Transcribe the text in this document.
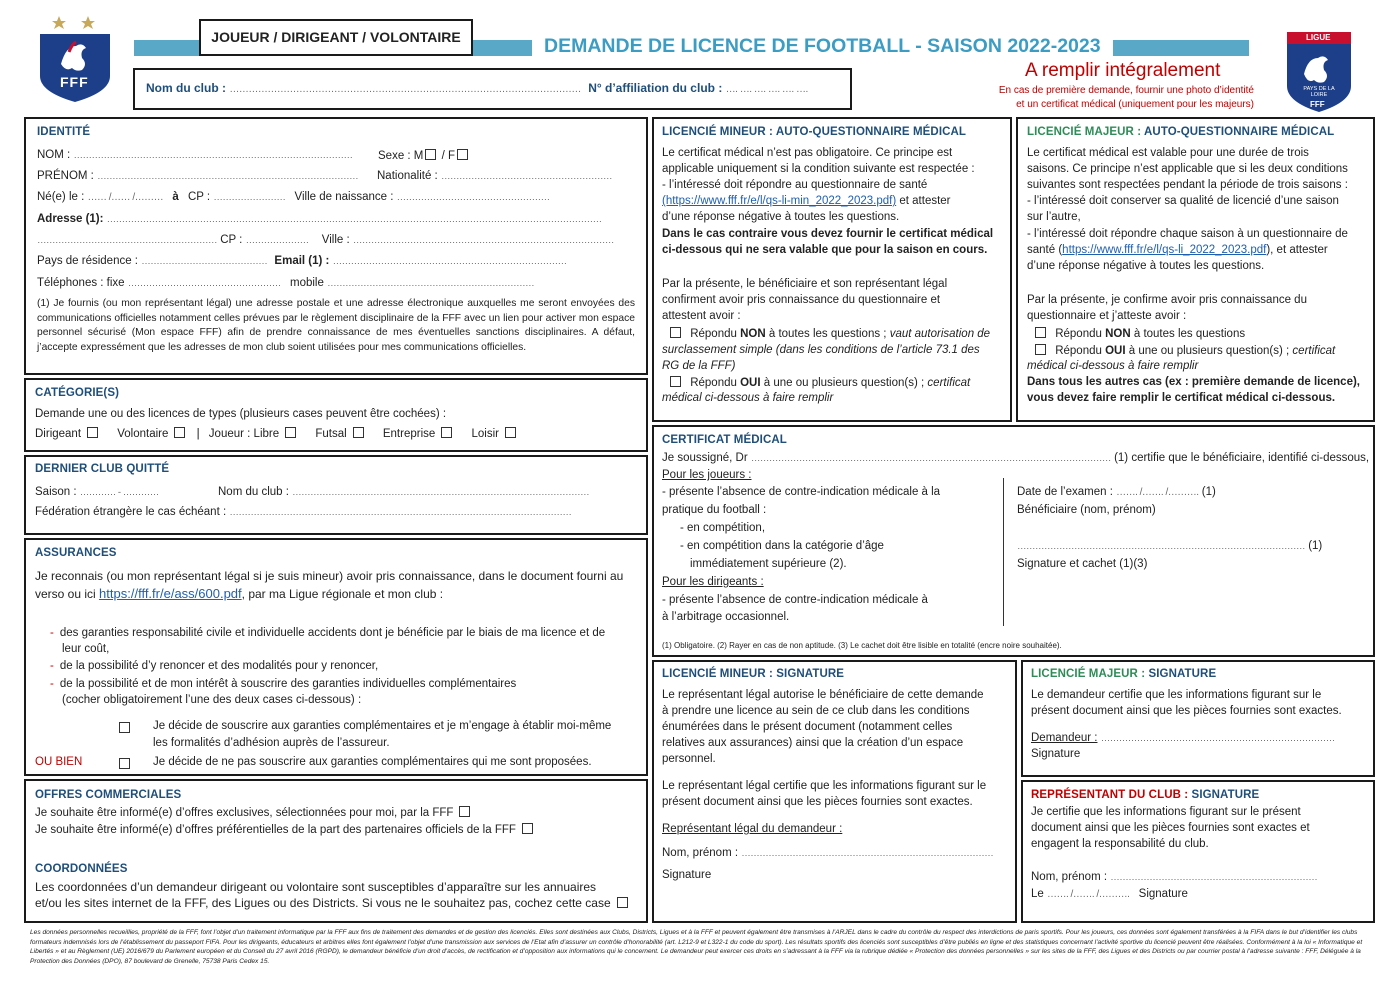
FFF
JOUEUR / DIRIGEANT / VOLONTAIRE	DEMANDE DE LICENCE DE FOOTBALL - SAISON 2022-2023
Nom du club : ………………………………………………………………………………………………… N° d’affiliation du club : …. …. …. …. …. ….
A remplir intégralement
En cas de première demande, fournir une photo d’identité
et un certificat médical (uniquement pour les majeurs)
LIGUE
PAYS DE LA LOIRE
FFF
IDENTITÉ
NOM : ………………………………………………………………………………… Sexe : M / F
PRÉNOM : …………………………………………………………………………… Nationalité : …………………………………………………
Né(e) le : …… /…… /……… à CP : …………………… Ville de naissance : ……………………………………………
Adresse (1): …………………………………………………………………………………………………………………………………………………
…………………………………………………… CP : ………………… Ville : ……………………………………………………………………………
Pays de résidence : …………………………………… Email (1) : ……………………………………………………………………
Téléphones : fixe …………………………………………… mobile ……………………………………………………………

(1) Je fournis (ou mon représentant légal) une adresse postale et une adresse électronique auxquelles me seront envoyées des communications officielles notamment celles prévues par le règlement disciplinaire de la FFF avec un lien pour activer mon espace personnel sécurisé (Mon espace FFF) afin de prendre connaissance de mes éventuelles sanctions disciplinaires. A défaut, j’accepte expressément que les adresses de mon club soient utilisées pour mes communications officielles.

CATÉGORIE(S)
Demande une ou des licences de types (plusieurs cases peuvent être cochées) :
Dirigeant	Volontaire | Joueur : Libre	Futsal	Entreprise	Loisir
DERNIER CLUB QUITTÉ
Saison : ………… - …………	Nom du club : ………………………………………………………………………………………
Fédération étrangère le cas échéant : ……………………………………………………………………………………………………
ASSURANCES
Je reconnais (ou mon représentant légal si je suis mineur) avoir pris connaissance, dans le document fourni au
verso ou ici https://fff.fr/e/ass/600.pdf, par ma Ligue régionale et mon club :
- des garanties responsabilité civile et individuelle accidents dont je bénéficie par le biais de ma licence et de
leur coût,
- de la possibilité d’y renoncer et des modalités pour y renoncer,
- de la possibilité et de mon intérêt à souscrire des garanties individuelles complémentaires
(cocher obligatoirement l’une des deux cases ci-dessous) :
Je décide de souscrire aux garanties complémentaires et je m’engage à établir moi-même
les formalités d’adhésion auprès de l’assureur.
OU BIEN	Je décide de ne pas souscrire aux garanties complémentaires qui me sont proposées.
OFFRES COMMERCIALES
Je souhaite être informé(e) d’offres exclusives, sélectionnées pour moi, par la FFF
Je souhaite être informé(e) d’offres préférentielles de la part des partenaires officiels de la FFF
COORDONNÉES
Les coordonnées d’un demandeur dirigeant ou volontaire sont susceptibles d’apparaître sur les annuaires
et/ou les sites internet de la FFF, des Ligues ou des Districts. Si vous ne le souhaitez pas, cochez cette case
LICENCIÉ MINEUR : AUTO-QUESTIONNAIRE MÉDICAL
Le certificat médical n’est pas obligatoire. Ce principe est
applicable uniquement si la condition suivante est respectée :
- l’intéressé doit répondre au questionnaire de santé
(https://www.fff.fr/e/l/qs-li-min_2022_2023.pdf) et attester
d’une réponse négative à toutes les questions.
Dans le cas contraire vous devez fournir le certificat médical
ci-dessous qui ne sera valable que pour la saison en cours.
Par la présente, le bénéficiaire et son représentant légal
confirment avoir pris connaissance du questionnaire et
attestent avoir :
Répondu NON à toutes les questions ; vaut autorisation de
surclassement simple (dans les conditions de l’article 73.1 des
RG de la FFF)
Répondu OUI à une ou plusieurs question(s) ; certificat
médical ci-dessous à faire remplir
LICENCIÉ MAJEUR : AUTO-QUESTIONNAIRE MÉDICAL
Le certificat médical est valable pour une durée de trois
saisons. Ce principe n’est applicable que si les deux conditions
suivantes sont respectées pendant la période de trois saisons :
- l’intéressé doit conserver sa qualité de licencié d’une saison
sur l’autre,
- l’intéressé doit répondre chaque saison à un questionnaire de
santé (https://www.fff.fr/e/l/qs-li_2022_2023.pdf), et attester
d’une réponse négative à toutes les questions.
Par la présente, je confirme avoir pris connaissance du
questionnaire et j’atteste avoir :
Répondu NON à toutes les questions
Répondu OUI à une ou plusieurs question(s) ; certificat
médical ci-dessous à faire remplir
Dans tous les autres cas (ex : première demande de licence),
vous devez faire remplir le certificat médical ci-dessous.
CERTIFICAT MÉDICAL
Je soussigné, Dr ………………………………………………………………………………………………………… (1) certifie que le bénéficiaire, identifié ci-dessous,
Pour les joueurs :
- présente l’absence de contre-indication médicale à la
pratique du football :
- en compétition,
- en compétition dans la catégorie d’âge
immédiatement supérieure (2).
Pour les dirigeants :
- présente l’absence de contre-indication médicale à
à l’arbitrage occasionnel.
Date de l’examen : ……. /……. /………. (1)
Bénéficiaire (nom, prénom)
…………………………………………………………………………………… (1)
Signature et cachet (1)(3)
(1) Obligatoire. (2) Rayer en cas de non aptitude. (3) Le cachet doit être lisible en totalité (encre noire souhaitée).
LICENCIÉ MINEUR : SIGNATURE
Le représentant légal autorise le bénéficiaire de cette demande
à prendre une licence au sein de ce club dans les conditions
énumérées dans le présent document (notamment celles
relatives aux assurances) ainsi que la création d’un espace
personnel.
Le représentant légal certifie que les informations figurant sur le
présent document ainsi que les pièces fournies sont exactes.
Représentant légal du demandeur :
Nom, prénom : …………………………………………………………………………
Signature
LICENCIÉ MAJEUR : SIGNATURE
Le demandeur certifie que les informations figurant sur le
présent document ainsi que les pièces fournies sont exactes.
Demandeur : ……………………………………………………………………
Signature
REPRÉSENTANT DU CLUB : SIGNATURE
Je certifie que les informations figurant sur le présent
document ainsi que les pièces fournies sont exactes et
engagent la responsabilité du club.
Nom, prénom : ……………………………………………………………
Le ……. /……. /………. Signature
Les données personnelles recueillies, propriété de la FFF, font l’objet d’un traitement informatique par la FFF aux fins de traitement des demandes et de gestion des licenciés. Elles sont destinées aux Clubs, Districts, Ligues et à la FFF et peuvent également être transmises à l’ARJEL dans le cadre du contrôle du respect des interdictions de paris sportifs. Pour les joueurs, ces données sont également transférées à la FIFA dans le but d’identifier les clubs formateurs indemnisés lors de l’établissement du passeport FIFA. Pour les dirigeants, éducateurs et arbitres elles font également l’objet d’une transmission aux services de l’Etat afin d’assurer un contrôle d’honorabilité (art. L212-9 et L322-1 du code du sport). Les résultats sportifs des licenciés sont susceptibles d’être publiés en ligne et des statistiques concernant l’activité sportive du licencié peuvent être réalisées. Conformément à la loi « Informatique et Libertés » et au Règlement (UE) 2016/679 du Parlement européen et du Conseil du 27 avril 2016 (RGPD), le demandeur bénéficie d’un droit d’accès, de rectification et d’opposition aux informations qui le concernent. Le demandeur peut exercer ces droits en s’adressant à la FFF via la rubrique dédiée « Protection des données personnelles » sur les sites de la FFF, des Ligues et des Districts ou par courrier postal à l’adresse suivante : FFF, Déléguée à la Protection des Données (DPO), 87 boulevard de Grenelle, 75738 Paris Cedex 15.
